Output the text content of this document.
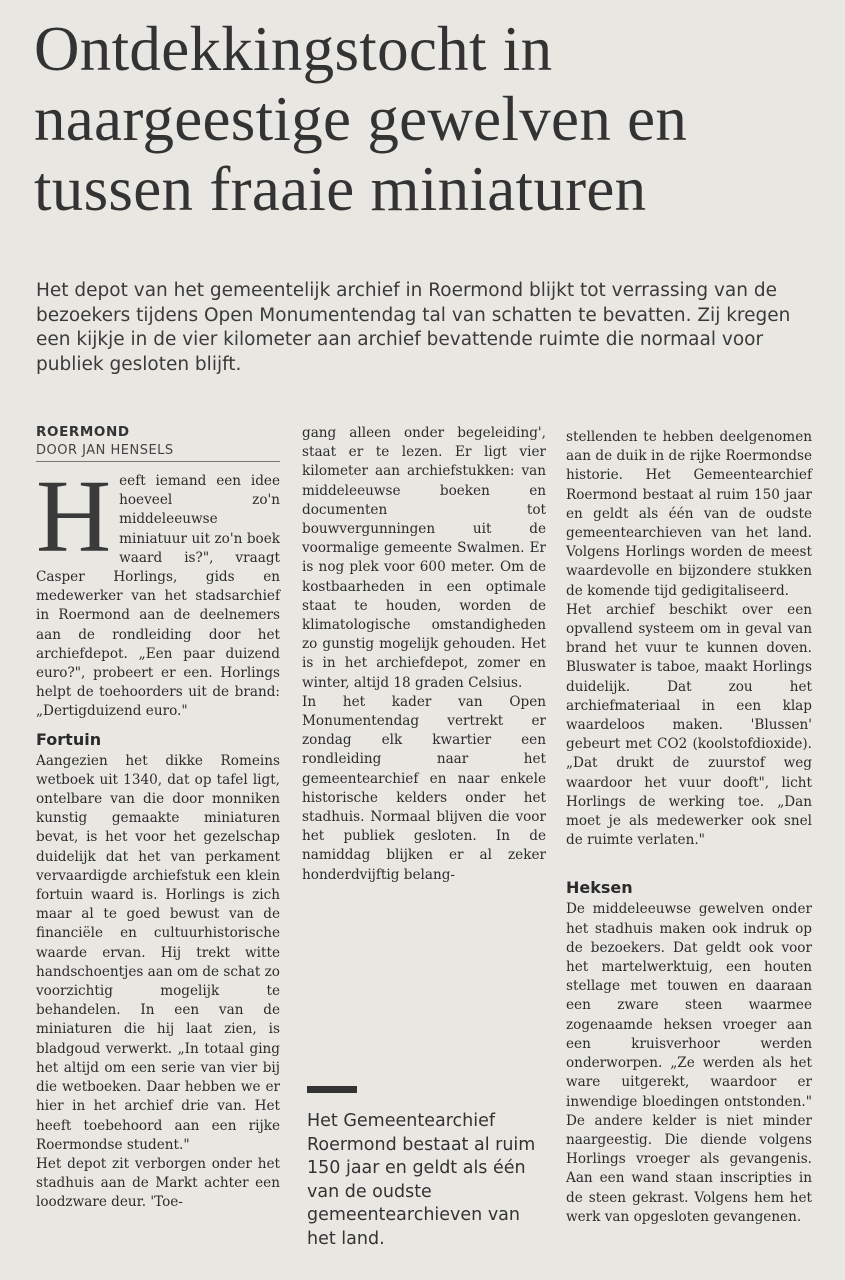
Ontdekkingstocht in naargeestige gewelven en tussen fraaie miniaturen

Het depot van het gemeentelijk archief in Roermond blijkt tot verrassing van de bezoekers tijdens Open Monumentendag tal van schatten te bevatten. Zij kregen een kijkje in de vier kilometer aan archief bevattende ruimte die normaal voor publiek gesloten blijft.

ROERMOND
DOOR JAN HENSELS
H eeft iemand een idee hoeveel zo'n middeleeuwse miniatuur uit zo'n boek waard is?", vraagt Casper Horlings, gids en medewerker van het stadsarchief in Roermond aan de deelnemers aan de rondleiding door het archiefdepot. „Een paar duizend euro?", probeert er een. Horlings helpt de toehoorders uit de brand: „Dertigduizend euro."

Fortuin

Aangezien het dikke Romeins wetboek uit 1340, dat op tafel ligt, ontelbare van die door monniken kunstig gemaakte miniaturen bevat, is het voor het gezelschap duidelijk dat het van perkament vervaardigde archiefstuk een klein fortuin waard is. Horlings is zich maar al te goed bewust van de financiële en cultuurhistorische waarde ervan. Hij trekt witte handschoentjes aan om de schat zo voorzichtig mogelijk te behandelen. In een van de miniaturen die hij laat zien, is bladgoud verwerkt. „In totaal ging het altijd om een serie van vier bij die wetboeken. Daar hebben we er hier in het archief drie van. Het heeft toebehoord aan een rijke Roermondse student."

Het depot zit verborgen onder het stadhuis aan de Markt achter een loodzware deur. 'Toe-

gang alleen onder begeleiding', staat er te lezen. Er ligt vier kilometer aan archiefstukken: van middeleeuwse boeken en documenten tot bouwvergunningen uit de voormalige gemeente Swalmen. Er is nog plek voor 600 meter. Om de kostbaarheden in een optimale staat te houden, worden de klimatologische omstandigheden zo gunstig mogelijk gehouden. Het is in het archiefdepot, zomer en winter, altijd 18 graden Celsius.

In het kader van Open Monumentendag vertrekt er zondag elk kwartier een rondleiding naar het gemeentearchief en naar enkele historische kelders onder het stadhuis. Normaal blijven die voor het publiek gesloten. In de namiddag blijken er al zeker honderdvijftig belang-

stellenden te hebben deelgenomen aan de duik in de rijke Roermondse historie. Het Gemeentearchief Roermond bestaat al ruim 150 jaar en geldt als één van de oudste gemeentearchieven van het land. Volgens Horlings worden de meest waardevolle en bijzondere stukken de komende tijd gedigitaliseerd.

Het archief beschikt over een opvallend systeem om in geval van brand het vuur te kunnen doven. Bluswater is taboe, maakt Horlings duidelijk. Dat zou het archiefmateriaal in een klap waardeloos maken. 'Blussen' gebeurt met CO2 (koolstofdioxide). „Dat drukt de zuurstof weg waardoor het vuur dooft", licht Horlings de werking toe. „Dan moet je als medewerker ook snel de ruimte verlaten."

Heksen

De middeleeuwse gewelven onder het stadhuis maken ook indruk op de bezoekers. Dat geldt ook voor het martelwerktuig, een houten stellage met touwen en daaraan een zware steen waarmee zogenaamde heksen vroeger aan een kruisverhoor werden onderworpen. „Ze werden als het ware uitgerekt, waardoor er inwendige bloedingen ontstonden." De andere kelder is niet minder naargeestig. Die diende volgens Horlings vroeger als gevangenis. Aan een wand staan inscripties in de steen gekrast. Volgens hem het werk van opgesloten gevangenen.

Het Gemeentearchief Roermond bestaat al ruim 150 jaar en geldt als één van de oudste gemeentearchieven van het land.
